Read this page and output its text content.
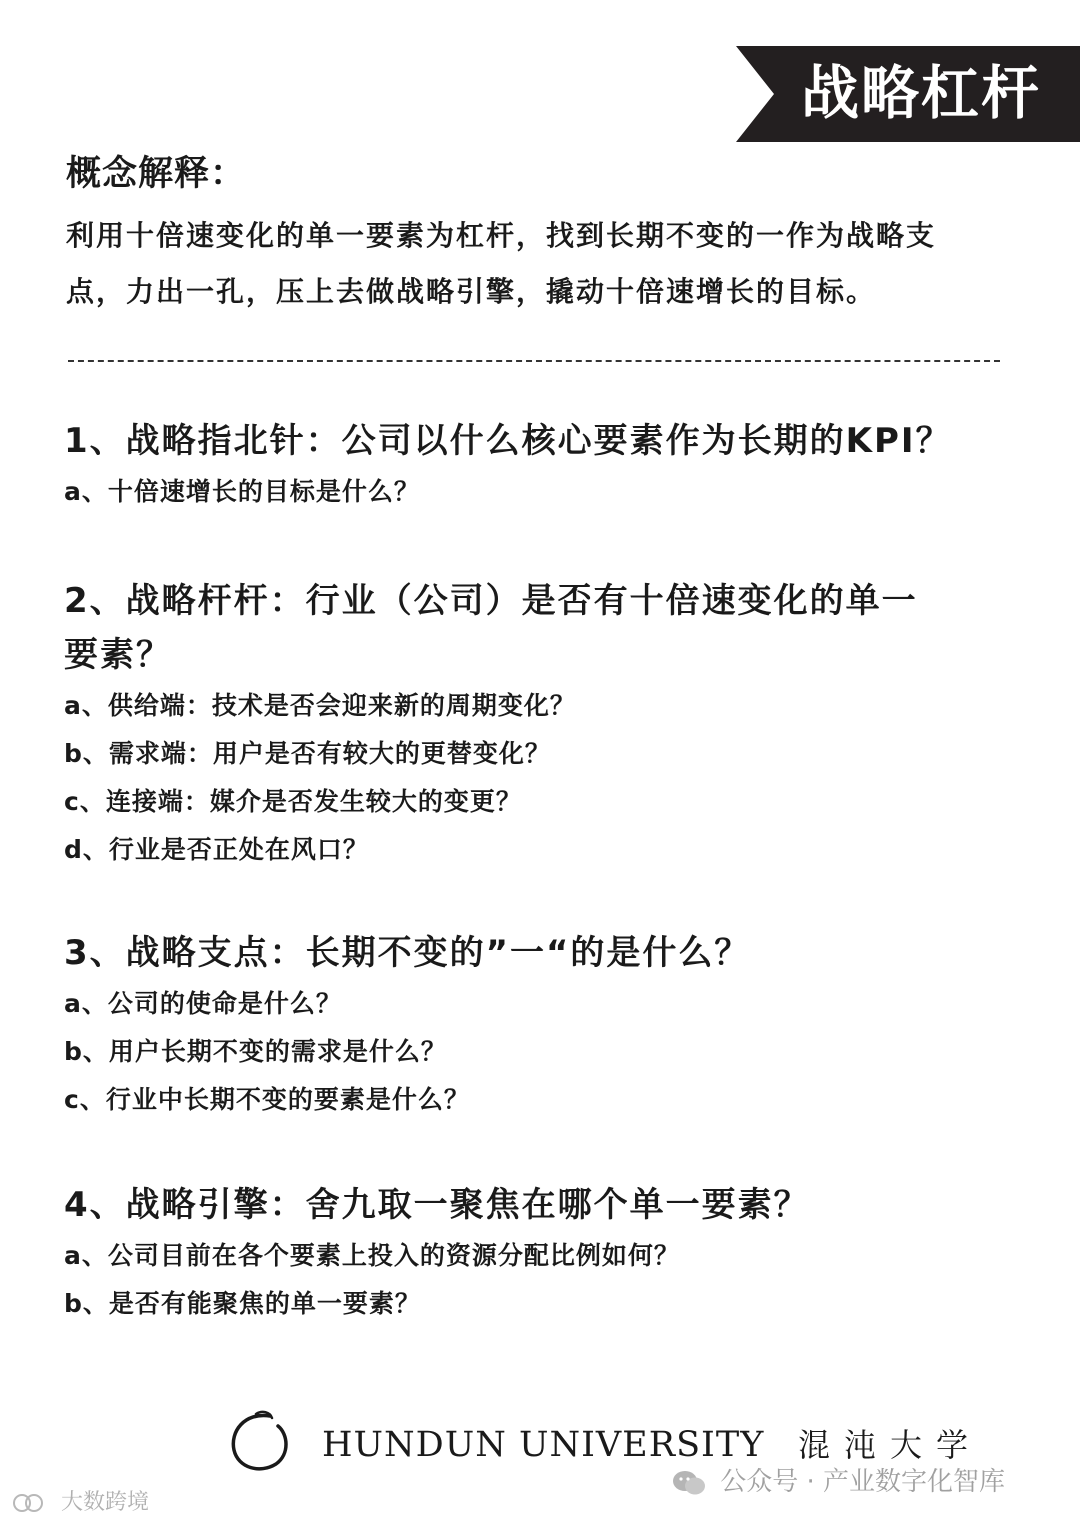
战略杠杆
概念解释：
利用十倍速变化的单一要素为杠杆，找到长期不变的一作为战略支
点，力出一孔，压上去做战略引擎，撬动十倍速增长的目标。

1、战略指北针：公司以什么核心要素作为长期的KPI？

a、十倍速增长的目标是什么？

2、战略杆杆：行业（公司）是否有十倍速变化的单一

要素？

a、供给端：技术是否会迎来新的周期变化？

b、需求端：用户是否有较大的更替变化？

c、连接端：媒介是否发生较大的变更？

d、行业是否正处在风口？

3、战略支点：长期不变的”一“的是什么？

a、公司的使命是什么？

b、用户长期不变的需求是什么？

c、行业中长期不变的要素是什么？

4、战略引擎：舍九取一聚焦在哪个单一要素？

a、公司目前在各个要素上投入的资源分配比例如何？

b、是否有能聚焦的单一要素？

HUNDUN UNIVERSITY 混沌大学
公众号 · 产业数字化智库
大数跨境
